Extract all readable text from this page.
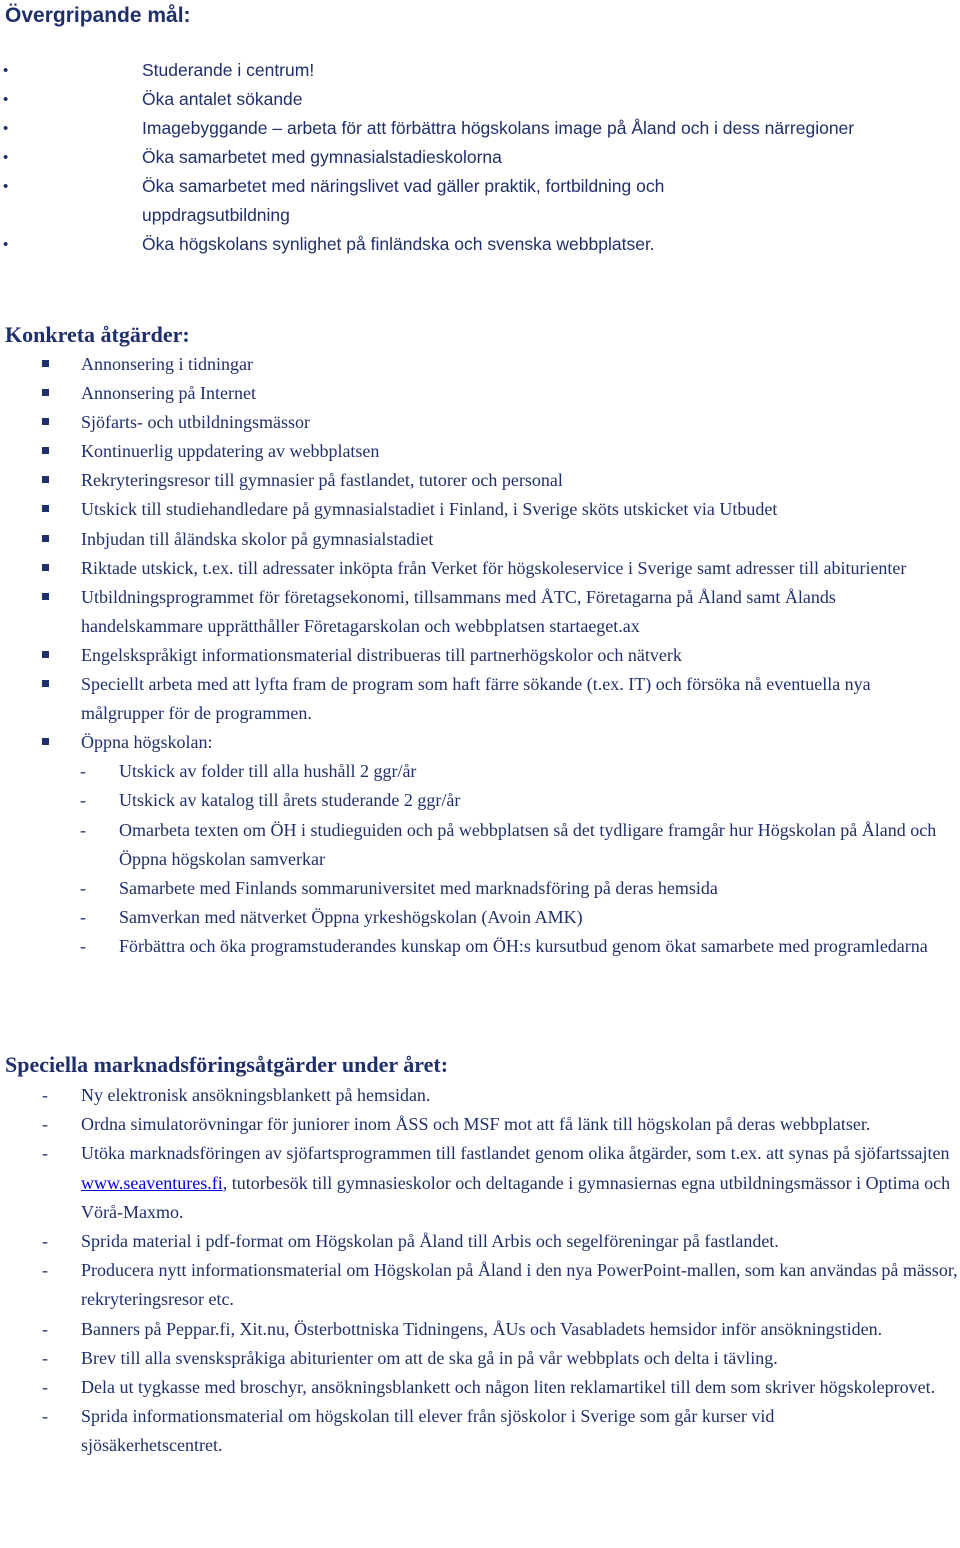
Övergripande mål:
•	Studerande i centrum!
•	Öka antalet sökande
•	Imagebyggande – arbeta för att förbättra högskolans image på Åland och i dess närregioner
•	Öka samarbetet med gymnasialstadieskolorna
•	Öka samarbetet med näringslivet vad gäller praktik, fortbildning och uppdragsutbildning
•	Öka högskolans synlighet på finländska och svenska webbplatser.
Konkreta åtgärder:
Annonsering i tidningar
Annonsering på Internet
Sjöfarts- och utbildningsmässor
Kontinuerlig uppdatering av webbplatsen
Rekryteringsresor till gymnasier på fastlandet, tutorer och personal
Utskick till studiehandledare på gymnasialstadiet i Finland, i Sverige sköts utskicket via Utbudet
Inbjudan till åländska skolor på gymnasialstadiet
Riktade utskick, t.ex. till adressater inköpta från Verket för högskoleservice i Sverige samt adresser till abiturienter
Utbildningsprogrammet för företagsekonomi, tillsammans med ÅTC, Företagarna på Åland samt Ålands handelskammare upprätthåller Företagarskolan och webbplatsen startaeget.ax
Engelskspråkigt informationsmaterial distribueras till partnerhögskolor och nätverk
Speciellt arbeta med att lyfta fram de program som haft färre sökande (t.ex. IT) och försöka nå eventuella nya målgrupper för de programmen.
Öppna högskolan:
- Utskick av folder till alla hushåll 2 ggr/år
- Utskick av katalog till årets studerande 2 ggr/år
- Omarbeta texten om ÖH i studieguiden och på webbplatsen så det tydligare framgår hur Högskolan på Åland och Öppna högskolan samverkar
- Samarbete med Finlands sommaruniversitet med marknadsföring på deras hemsida
- Samverkan med nätverket Öppna yrkeshögskolan (Avoin AMK)
- Förbättra och öka programstuderandes kunskap om ÖH:s kursutbud genom ökat samarbete med programledarna
Speciella marknadsföringsåtgärder under året:
- Ny elektronisk ansökningsblankett på hemsidan.
- Ordna simulatorövningar för juniorer inom ÅSS och MSF mot att få länk till högskolan på deras webbplatser.
- Utöka marknadsföringen av sjöfartsprogrammen till fastlandet genom olika åtgärder, som t.ex. att synas på sjöfartssajten www.seaventures.fi, tutorbesök till gymnasieskolor och deltagande i gymnasiernas egna utbildningsmässor i Optima och Vörå-Maxmo.
- Sprida material i pdf-format om Högskolan på Åland till Arbis och segelföreningar på fastlandet.
- Producera nytt informationsmaterial om Högskolan på Åland i den nya PowerPoint-mallen, som kan användas på mässor, rekryteringsresor etc.
- Banners på Peppar.fi, Xit.nu, Österbottniska Tidningens, ÅUs och Vasabladets hemsidor inför ansökningstiden.
- Brev till alla svenskspråkiga abiturienter om att de ska gå in på vår webbplats och delta i tävling.
- Dela ut tygkasse med broschyr, ansökningsblankett och någon liten reklamartikel till dem som skriver högskoleprovet.
- Sprida informationsmaterial om högskolan till elever från sjöskolor i Sverige som går kurser vid sjösäkerhetscentret.
